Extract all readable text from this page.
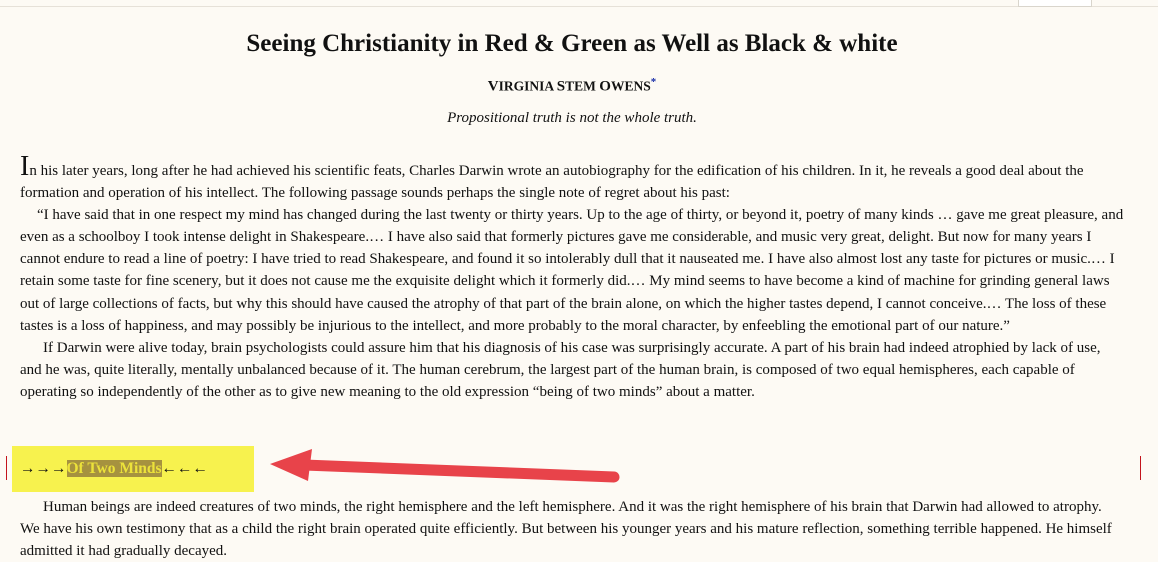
Seeing Christianity in Red & Green as Well as Black & white
VIRGINIA STEM OWENS*
Propositional truth is not the whole truth.

In his later years, long after he had achieved his scientific feats, Charles Darwin wrote an autobiography for the edification of his children. In it, he reveals a good deal about the formation and operation of his intellect. The following passage sounds perhaps the single note of regret about his past:

“I have said that in one respect my mind has changed during the last twenty or thirty years. Up to the age of thirty, or beyond it, poetry of many kinds … gave me great pleasure, and even as a schoolboy I took intense delight in Shakespeare.… I have also said that formerly pictures gave me considerable, and music very great, delight. But now for many years I cannot endure to read a line of poetry: I have tried to read Shakespeare, and found it so intolerably dull that it nauseated me. I have also almost lost any taste for pictures or music.… I retain some taste for fine scenery, but it does not cause me the exquisite delight which it formerly did.… My mind seems to have become a kind of machine for grinding general laws out of large collections of facts, but why this should have caused the atrophy of that part of the brain alone, on which the higher tastes depend, I cannot conceive.… The loss of these tastes is a loss of happiness, and may possibly be injurious to the intellect, and more probably to the moral character, by enfeebling the emotional part of our nature.”

If Darwin were alive today, brain psychologists could assure him that his diagnosis of his case was surprisingly accurate. A part of his brain had indeed atrophied by lack of use, and he was, quite literally, mentally unbalanced because of it. The human cerebrum, the largest part of the human brain, is composed of two equal hemispheres, each capable of operating so independently of the other as to give new meaning to the old expression “being of two minds” about a matter.

→→→Of Two Minds←←←

Human beings are indeed creatures of two minds, the right hemisphere and the left hemisphere. And it was the right hemisphere of his brain that Darwin had allowed to atrophy. We have his own testimony that as a child the right brain operated quite efficiently. But between his younger years and his mature reflection, something terrible happened. He himself admitted it had gradually decayed.
